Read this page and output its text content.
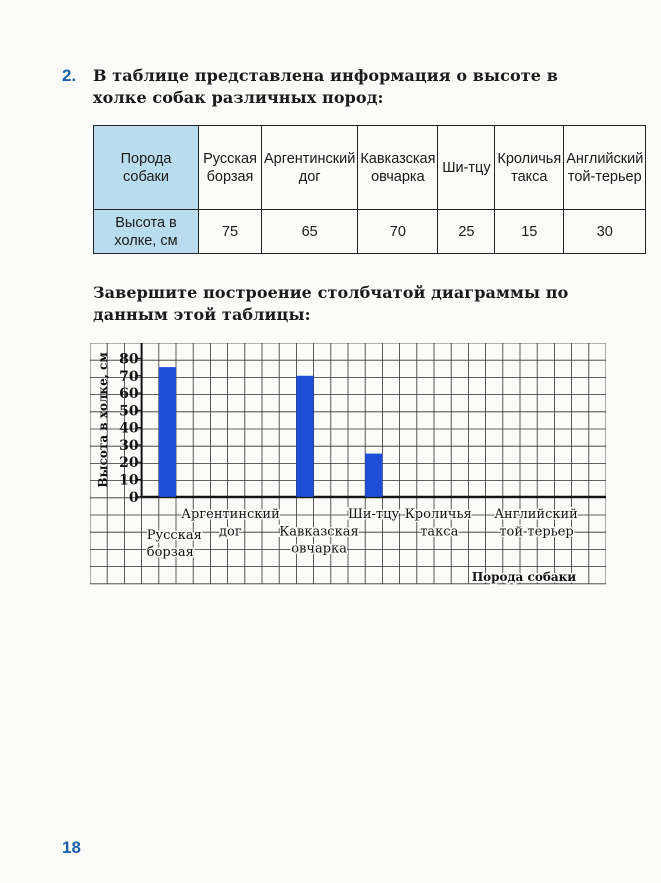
2. В таблице представлена информация о высоте в холке собак различных пород:

Порода собаки	Русская борзая	Аргентинский дог	Кавказская овчарка	Ши-тцу	Кроличья такса	Английский той-терьер
Высота в холке, см	75	65	70	25	15	30

Завершите построение столбчатой диаграммы по данным этой таблицы:

0
10
20
30
40
50
60
70
80
Высота в холке, см
Русская
борзая
Аргентинский
дог	Кавказская
овчарка
Ши-тцу Кроличья
такса
Английский
той-терьер
Порода собаки
18
